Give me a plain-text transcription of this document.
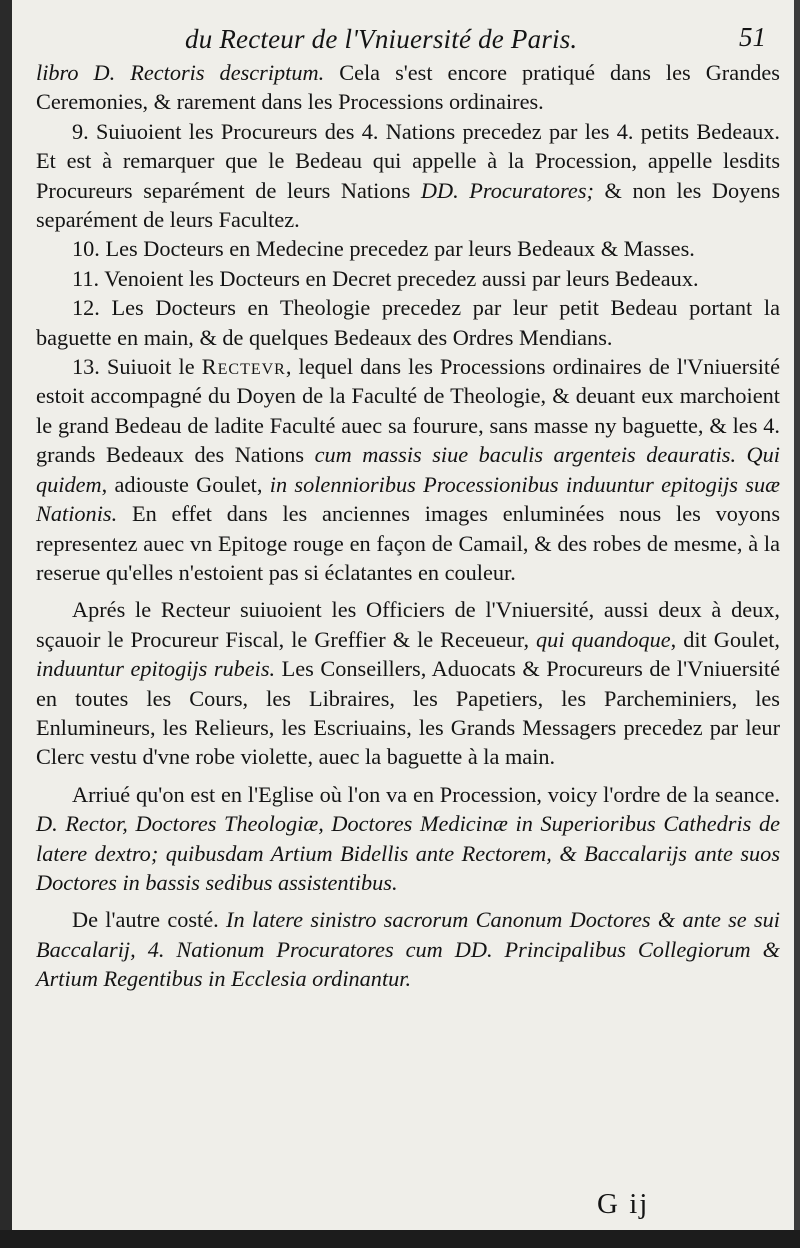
du Recteur de l'Vniuersité de Paris.	51

libro D. Rectoris descriptum. Cela s'est encore pratiqué dans les Grandes Ceremonies, & rarement dans les Processions ordinaires.

9. Suiuoient les Procureurs des 4. Nations precedez par les 4. petits Bedeaux. Et est à remarquer que le Bedeau qui appelle à la Procession, appelle lesdits Procureurs separément de leurs Nations DD. Procuratores; & non les Doyens separément de leurs Facultez.

10. Les Docteurs en Medecine precedez par leurs Bedeaux & Masses.

11. Venoient les Docteurs en Decret precedez aussi par leurs Bedeaux.

12. Les Docteurs en Theologie precedez par leur petit Bedeau portant la baguette en main, & de quelques Bedeaux des Ordres Mendians.

13. Suiuoit le Rectevr, lequel dans les Processions ordinaires de l'Vniuersité estoit accompagné du Doyen de la Faculté de Theologie, & deuant eux marchoient le grand Bedeau de ladite Faculté auec sa fourure, sans masse ny baguette, & les 4. grands Bedeaux des Nations cum massis siue baculis argenteis deauratis. Qui quidem, adiouste Goulet, in solennioribus Processionibus induuntur epitogijs suæ Nationis. En effet dans les anciennes images enluminées nous les voyons representez auec vn Epitoge rouge en façon de Camail, & des robes de mesme, à la reserue qu'elles n'estoient pas si éclatantes en couleur.

Aprés le Recteur suiuoient les Officiers de l'Vniuersité, aussi deux à deux, sçauoir le Procureur Fiscal, le Greffier & le Receueur, qui quandoque, dit Goulet, induuntur epitogijs rubeis. Les Conseillers, Aduocats & Procureurs de l'Vniuersité en toutes les Cours, les Libraires, les Papetiers, les Parcheminiers, les Enlumineurs, les Relieurs, les Escriuains, les Grands Messagers precedez par leur Clerc vestu d'vne robe violette, auec la baguette à la main.

Arriué qu'on est en l'Eglise où l'on va en Procession, voicy l'ordre de la seance. D. Rector, Doctores Theologiæ, Doctores Medicinæ in Superioribus Cathedris de latere dextro; quibusdam Artium Bidellis ante Rectorem, & Baccalarijs ante suos Doctores in bassis sedibus assistentibus.

De l'autre costé. In latere sinistro sacrorum Canonum Doctores & ante se sui Baccalarij, 4. Nationum Procuratores cum DD. Principalibus Collegiorum & Artium Regentibus in Ecclesia ordinantur.

G ij
